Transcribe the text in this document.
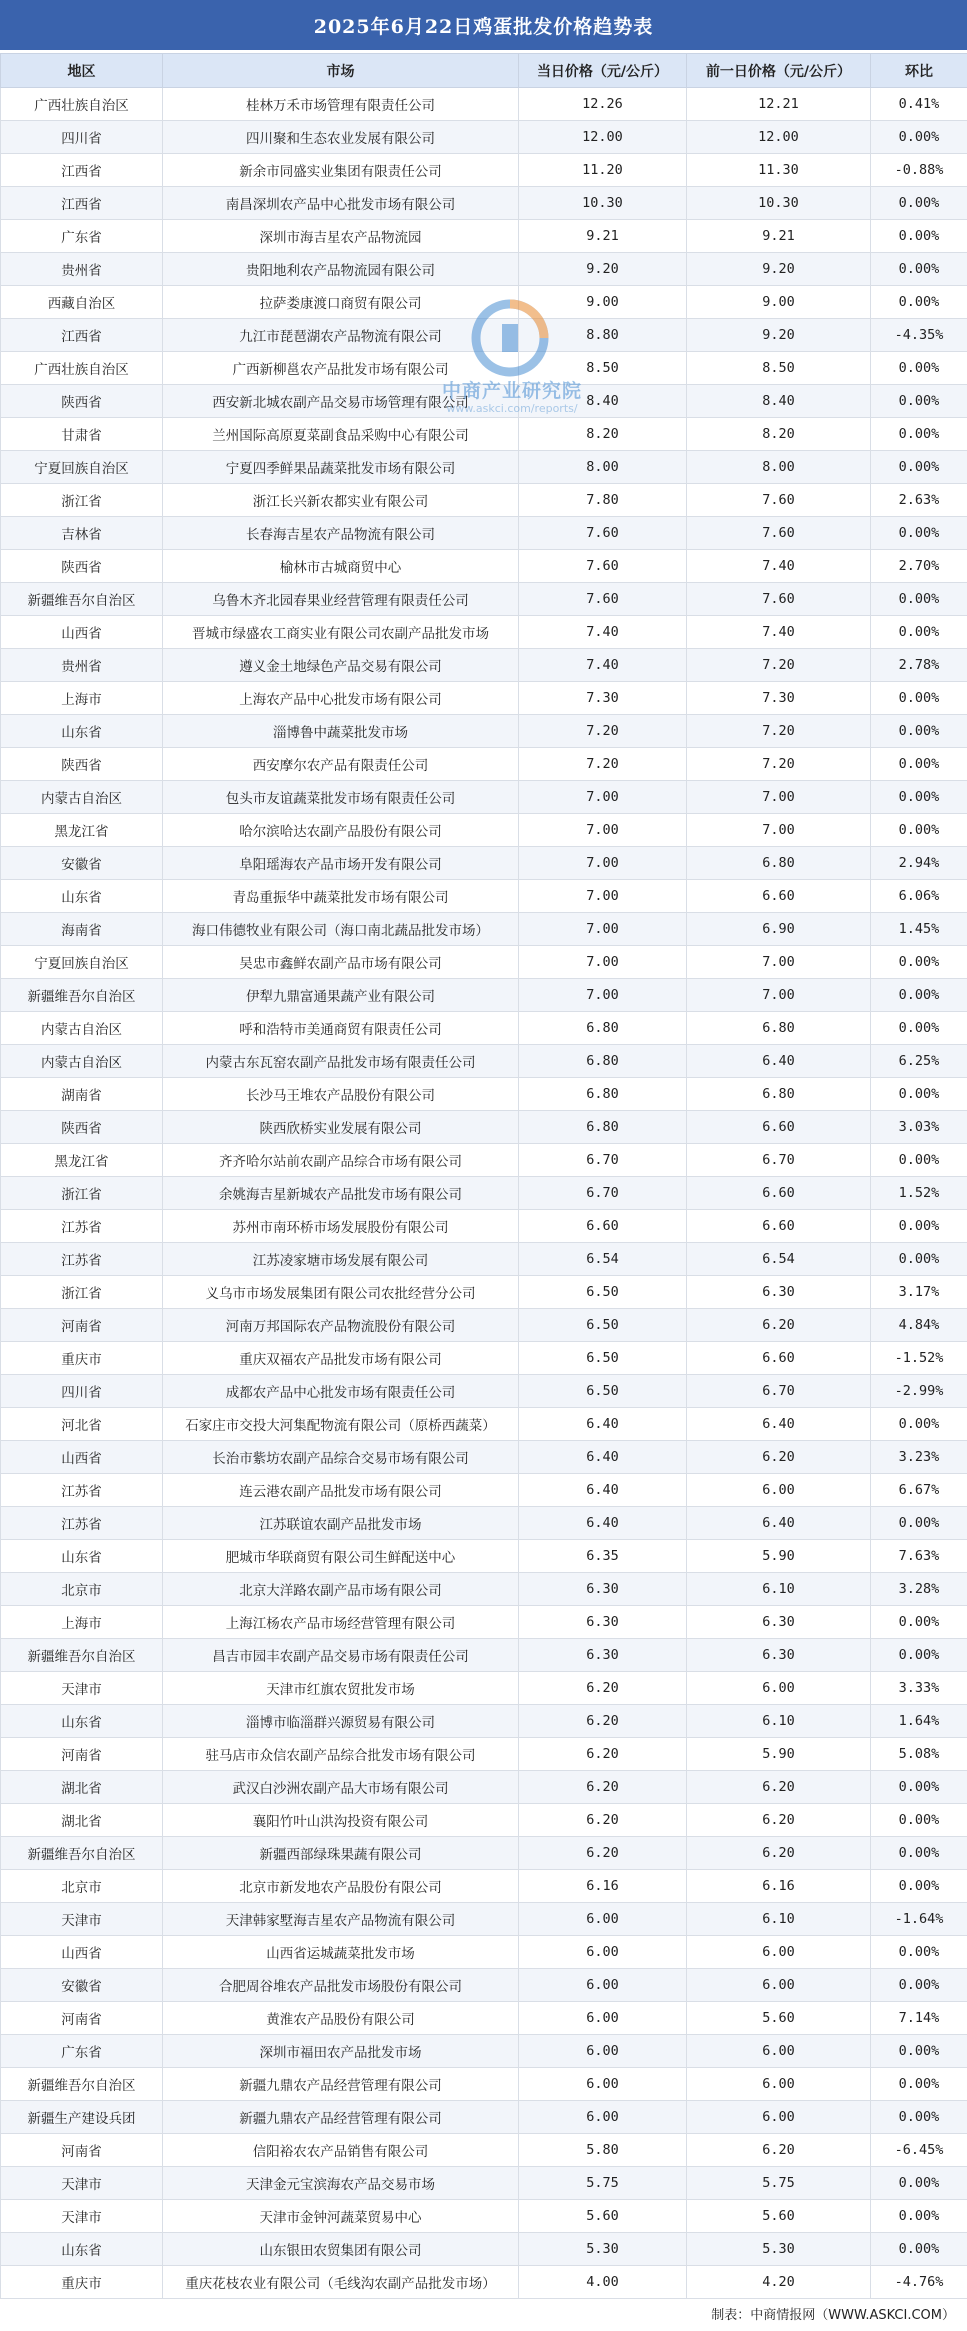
2025年6月22日鸡蛋批发价格趋势表
地区	市场	当日价格（元/公斤）	前一日价格（元/公斤）	环比
广西壮族自治区	桂林万禾市场管理有限责任公司	12.26	12.21	0.41%
四川省	四川聚和生态农业发展有限公司	12.00	12.00	0.00%
江西省	新余市同盛实业集团有限责任公司	11.20	11.30	-0.88%
江西省	南昌深圳农产品中心批发市场有限公司	10.30	10.30	0.00%
广东省	深圳市海吉星农产品物流园	9.21	9.21	0.00%
贵州省	贵阳地利农产品物流园有限公司	9.20	9.20	0.00%
西藏自治区	拉萨娄康渡口商贸有限公司	9.00	9.00	0.00%
江西省	九江市琵琶湖农产品物流有限公司	8.80	9.20	-4.35%
广西壮族自治区	广西新柳邕农产品批发市场有限公司	8.50	8.50	0.00%
陕西省	西安新北城农副产品交易市场管理有限公司	8.40	8.40	0.00%
甘肃省	兰州国际高原夏菜副食品采购中心有限公司	8.20	8.20	0.00%
宁夏回族自治区	宁夏四季鲜果品蔬菜批发市场有限公司	8.00	8.00	0.00%
浙江省	浙江长兴新农都实业有限公司	7.80	7.60	2.63%
吉林省	长春海吉星农产品物流有限公司	7.60	7.60	0.00%
陕西省	榆林市古城商贸中心	7.60	7.40	2.70%
新疆维吾尔自治区	乌鲁木齐北园春果业经营管理有限责任公司	7.60	7.60	0.00%
山西省	晋城市绿盛农工商实业有限公司农副产品批发市场	7.40	7.40	0.00%
贵州省	遵义金土地绿色产品交易有限公司	7.40	7.20	2.78%
上海市	上海农产品中心批发市场有限公司	7.30	7.30	0.00%
山东省	淄博鲁中蔬菜批发市场	7.20	7.20	0.00%
陕西省	西安摩尔农产品有限责任公司	7.20	7.20	0.00%
内蒙古自治区	包头市友谊蔬菜批发市场有限责任公司	7.00	7.00	0.00%
黑龙江省	哈尔滨哈达农副产品股份有限公司	7.00	7.00	0.00%
安徽省	阜阳瑶海农产品市场开发有限公司	7.00	6.80	2.94%
山东省	青岛重振华中蔬菜批发市场有限公司	7.00	6.60	6.06%
海南省	海口伟德牧业有限公司（海口南北蔬品批发市场）	7.00	6.90	1.45%
宁夏回族自治区	吴忠市鑫鲜农副产品市场有限公司	7.00	7.00	0.00%
新疆维吾尔自治区	伊犁九鼎富通果蔬产业有限公司	7.00	7.00	0.00%
内蒙古自治区	呼和浩特市美通商贸有限责任公司	6.80	6.80	0.00%
内蒙古自治区	内蒙古东瓦窑农副产品批发市场有限责任公司	6.80	6.40	6.25%
湖南省	长沙马王堆农产品股份有限公司	6.80	6.80	0.00%
陕西省	陕西欣桥实业发展有限公司	6.80	6.60	3.03%
黑龙江省	齐齐哈尔站前农副产品综合市场有限公司	6.70	6.70	0.00%
浙江省	余姚海吉星新城农产品批发市场有限公司	6.70	6.60	1.52%
江苏省	苏州市南环桥市场发展股份有限公司	6.60	6.60	0.00%
江苏省	江苏凌家塘市场发展有限公司	6.54	6.54	0.00%
浙江省	义乌市市场发展集团有限公司农批经营分公司	6.50	6.30	3.17%
河南省	河南万邦国际农产品物流股份有限公司	6.50	6.20	4.84%
重庆市	重庆双福农产品批发市场有限公司	6.50	6.60	-1.52%
四川省	成都农产品中心批发市场有限责任公司	6.50	6.70	-2.99%
河北省	石家庄市交投大河集配物流有限公司（原桥西蔬菜）	6.40	6.40	0.00%
山西省	长治市紫坊农副产品综合交易市场有限公司	6.40	6.20	3.23%
江苏省	连云港农副产品批发市场有限公司	6.40	6.00	6.67%
江苏省	江苏联谊农副产品批发市场	6.40	6.40	0.00%
山东省	肥城市华联商贸有限公司生鲜配送中心	6.35	5.90	7.63%
北京市	北京大洋路农副产品市场有限公司	6.30	6.10	3.28%
上海市	上海江杨农产品市场经营管理有限公司	6.30	6.30	0.00%
新疆维吾尔自治区	昌吉市园丰农副产品交易市场有限责任公司	6.30	6.30	0.00%
天津市	天津市红旗农贸批发市场	6.20	6.00	3.33%
山东省	淄博市临淄群兴源贸易有限公司	6.20	6.10	1.64%
河南省	驻马店市众信农副产品综合批发市场有限公司	6.20	5.90	5.08%
湖北省	武汉白沙洲农副产品大市场有限公司	6.20	6.20	0.00%
湖北省	襄阳竹叶山洪沟投资有限公司	6.20	6.20	0.00%
新疆维吾尔自治区	新疆西部绿珠果蔬有限公司	6.20	6.20	0.00%
北京市	北京市新发地农产品股份有限公司	6.16	6.16	0.00%
天津市	天津韩家墅海吉星农产品物流有限公司	6.00	6.10	-1.64%
山西省	山西省运城蔬菜批发市场	6.00	6.00	0.00%
安徽省	合肥周谷堆农产品批发市场股份有限公司	6.00	6.00	0.00%
河南省	黄淮农产品股份有限公司	6.00	5.60	7.14%
广东省	深圳市福田农产品批发市场	6.00	6.00	0.00%
新疆维吾尔自治区	新疆九鼎农产品经营管理有限公司	6.00	6.00	0.00%
新疆生产建设兵团	新疆九鼎农产品经营管理有限公司	6.00	6.00	0.00%
河南省	信阳裕农农产品销售有限公司	5.80	6.20	-6.45%
天津市	天津金元宝滨海农产品交易市场	5.75	5.75	0.00%
天津市	天津市金钟河蔬菜贸易中心	5.60	5.60	0.00%
山东省	山东银田农贸集团有限公司	5.30	5.30	0.00%
重庆市	重庆花枝农业有限公司（毛线沟农副产品批发市场）	4.00	4.20	-4.76%
中商产业研究院
www.askci.com/reports/
制表：中商情报网（WWW.ASKCI.COM）
